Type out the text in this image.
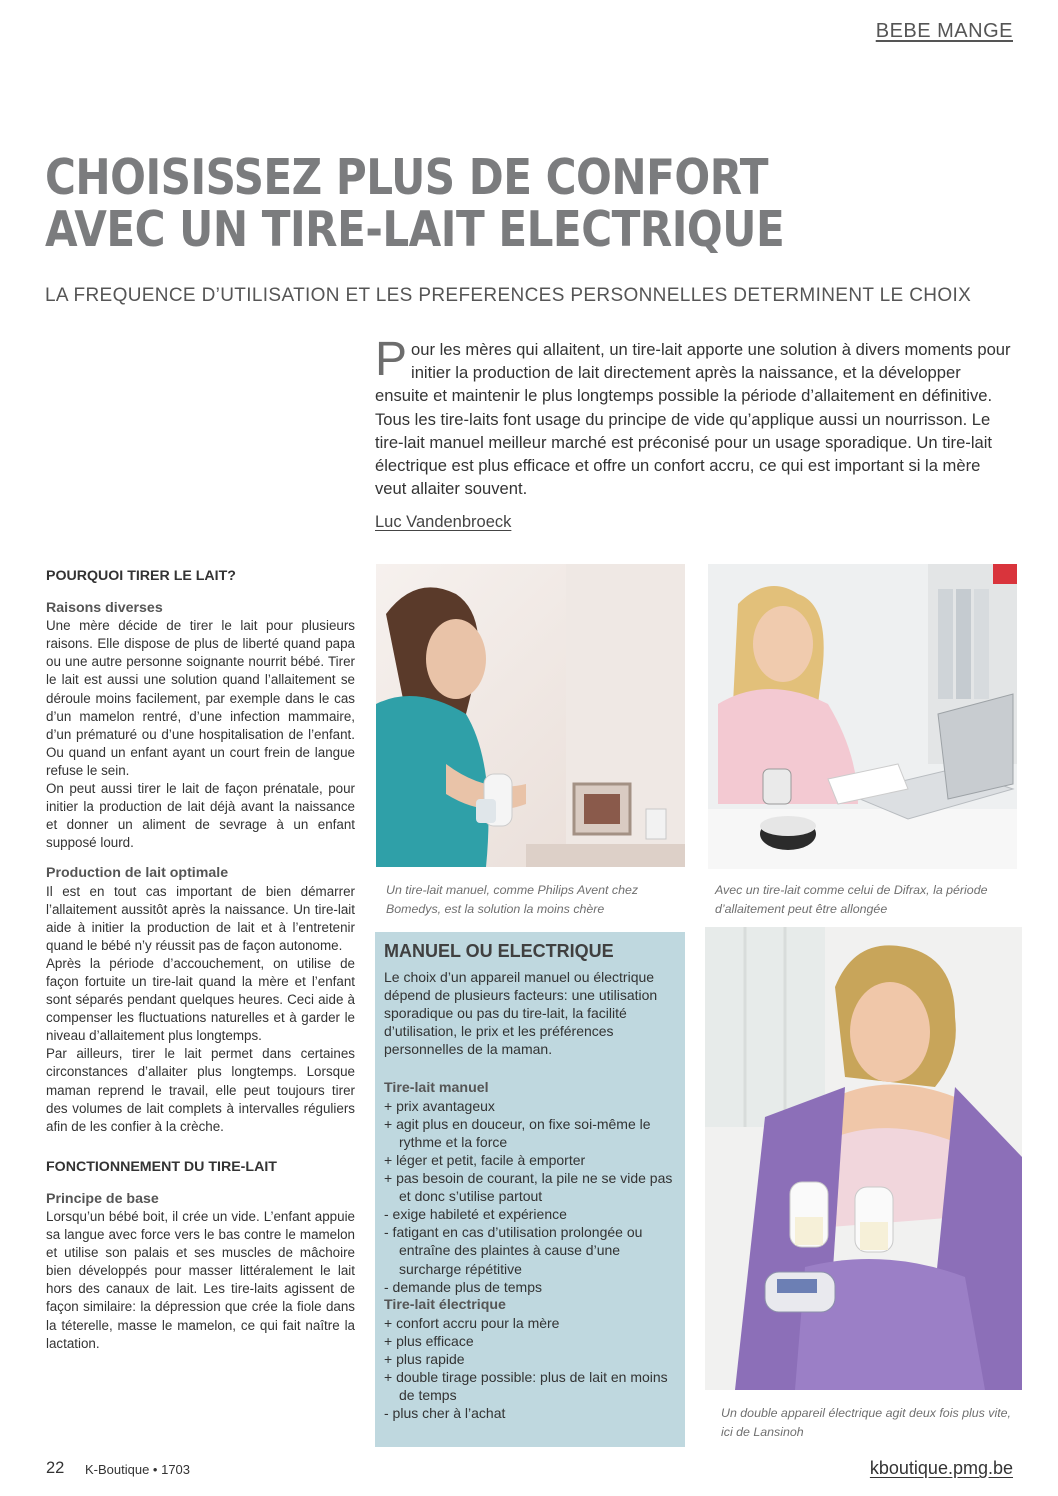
BEBE MANGE
CHOISISSEZ PLUS DE CONFORT
AVEC UN TIRE-LAIT ELECTRIQUE
LA FREQUENCE D’UTILISATION ET LES PREFERENCES PERSONNELLES DETERMINENT LE CHOIX

Pour les mères qui allaitent, un tire-lait apporte une solution à divers moments pour initier la production de lait directement après la naissance, et la développer ensuite et maintenir le plus longtemps possible la période d’allaitement en définitive. Tous les tire-laits font usage du principe de vide qu’applique aussi un nourrisson. Le tire-lait manuel meilleur marché est préconisé pour un usage sporadique. Un tire-lait électrique est plus efficace et offre un confort accru, ce qui est important si la mère veut allaiter souvent.

Luc Vandenbroeck
POURQUOI TIRER LE LAIT?
Raisons diverses

Une mère décide de tirer le lait pour plusieurs raisons. Elle dispose de plus de liberté quand papa ou une autre personne soignante nourrit bébé. Tirer le lait est aussi une solution quand l’allaitement se déroule moins facilement, par exemple dans le cas d’un mamelon rentré, d’une infection mammaire, d’un prématuré ou d’une hospitalisation de l’enfant. Ou quand un enfant ayant un court frein de langue refuse le sein.

On peut aussi tirer le lait de façon prénatale, pour initier la production de lait déjà avant la naissance et donner un aliment de sevrage à un enfant supposé lourd.

Production de lait optimale

Il est en tout cas important de bien démarrer l’allaitement aussitôt après la naissance. Un tire-lait aide à initier la production de lait et à l’entretenir quand le bébé n’y réussit pas de façon autonome.

Après la période d’accouchement, on utilise de façon fortuite un tire-lait quand la mère et l’enfant sont séparés pendant quelques heures. Ceci aide à compenser les fluctuations naturelles et à garder le niveau d’allaitement plus longtemps.

Par ailleurs, tirer le lait permet dans certaines circonstances d’allaiter plus longtemps. Lorsque maman reprend le travail, elle peut toujours tirer des volumes de lait complets à intervalles réguliers afin de les confier à la crèche.

FONCTIONNEMENT DU TIRE-LAIT
Principe de base

Lorsqu’un bébé boit, il crée un vide. L’enfant appuie sa langue avec force vers le bas contre le mamelon et utilise son palais et ses muscles de mâchoire bien développés pour masser littéralement le lait hors des canaux de lait. Les tire-laits agissent de façon similaire: la dépression que crée la fiole dans la téterelle, masse le mamelon, ce qui fait naître la lactation.

Un tire-lait manuel, comme Philips Avent chez Bomedys, est la solution la moins chère
Avec un tire-lait comme celui de Difrax, la période d’allaitement peut être allongée
MANUEL OU ELECTRIQUE

Le choix d’un appareil manuel ou électrique dépend de plusieurs facteurs: une utilisation sporadique ou pas du tire-lait, la facilité d’utilisation, le prix et les préférences personnelles de la maman.

Tire-lait manuel

+ prix avantageux

+ agit plus en douceur, on fixe soi-même le rythme et la force

+ léger et petit, facile à emporter

+ pas besoin de courant, la pile ne se vide pas et donc s’utilise partout

- exige habileté et expérience

- fatigant en cas d’utilisation prolongée ou entraîne des plaintes à cause d’une surcharge répétitive

- demande plus de temps

Tire-lait électrique

+ confort accru pour la mère

+ plus efficace

+ plus rapide

+ double tirage possible: plus de lait en moins de temps

- plus cher à l’achat	Un double appareil électrique agit deux fois plus vite, ici de Lansinoh
22 K-Boutique • 1703	kboutique.pmg.be
